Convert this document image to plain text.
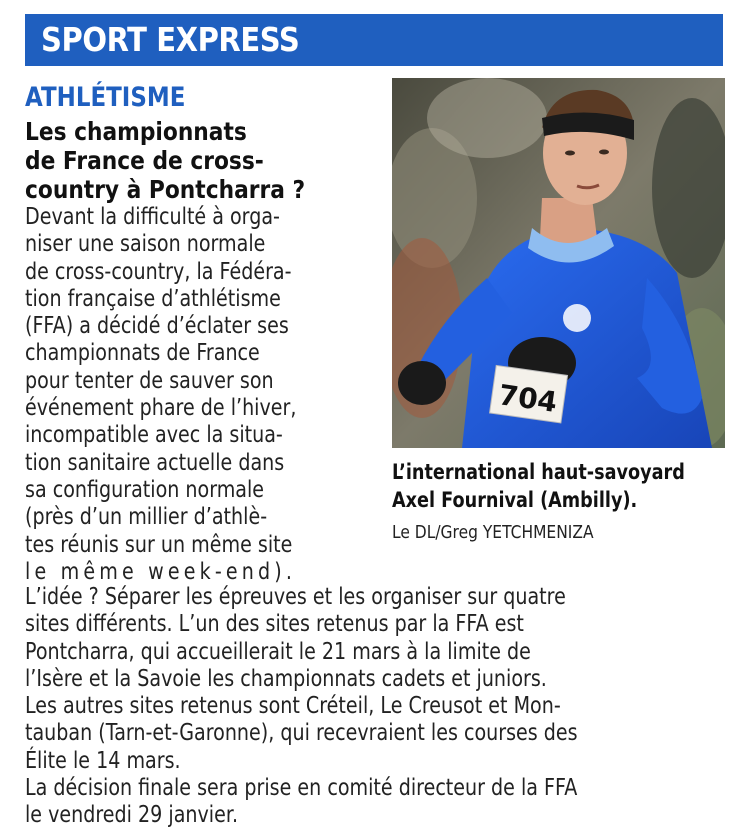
SPORT EXPRESS
ATHLÉTISME
Les championnats
de France de cross-
country à Pontcharra ?
Devant la difficulté à orga-
niser une saison normale
de cross-country, la Fédéra-
tion française d’athlétisme
(FFA) a décidé d’éclater ses
championnats de France
pour tenter de sauver son
événement phare de l’hiver,
incompatible avec la situa-
tion sanitaire actuelle dans
sa configuration normale
(près d’un millier d’athlè-
tes réunis sur un même site
le même week-end).
704
L’international haut-savoyard
Axel Fournival (Ambilly).
Le DL/Greg YETCHMENIZA
L’idée ? Séparer les épreuves et les organiser sur quatre
sites différents. L’un des sites retenus par la FFA est
Pontcharra, qui accueillerait le 21 mars à la limite de
l’Isère et la Savoie les championnats cadets et juniors.
Les autres sites retenus sont Créteil, Le Creusot et Mon-
tauban (Tarn-et-Garonne), qui recevraient les courses des
Élite le 14 mars.
La décision finale sera prise en comité directeur de la FFA
le vendredi 29 janvier.
